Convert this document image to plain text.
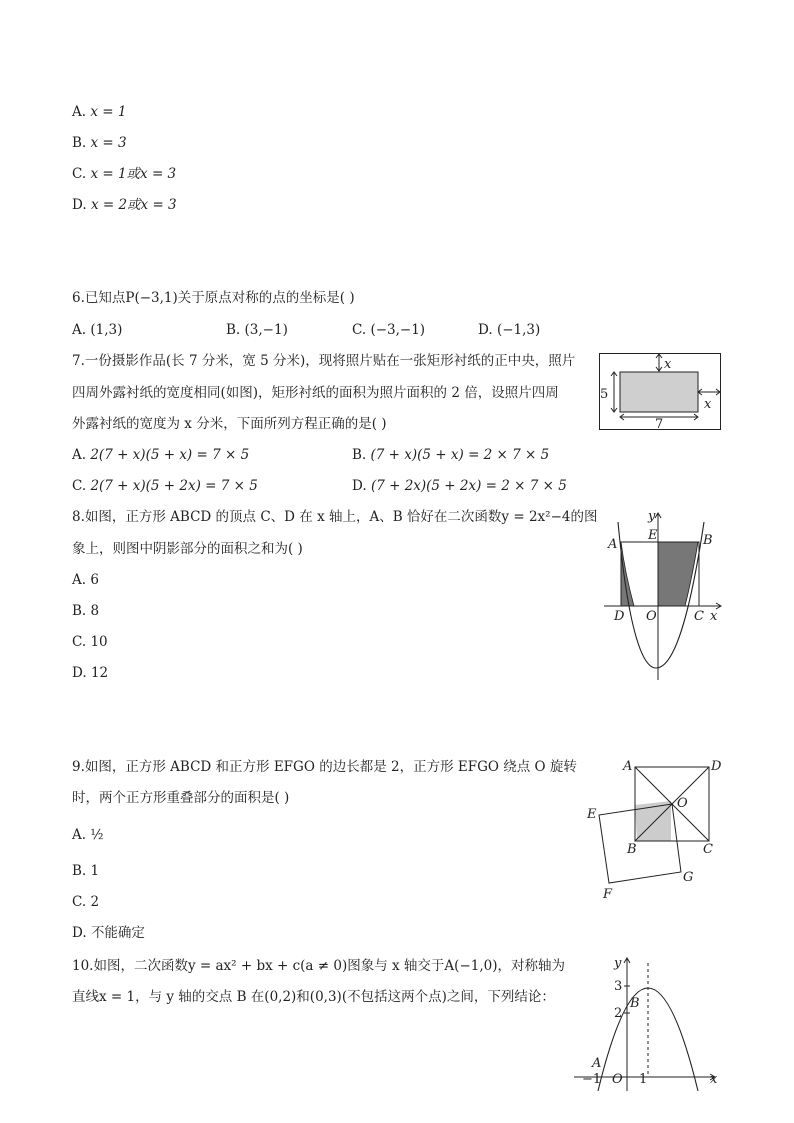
A. x = 1
B. x = 3
C. x = 1或x = 3
D. x = 2或x = 3
6.已知点P(−3,1)关于原点对称的点的坐标是( )
A. (1,3)	B. (3,−1)	C. (−3,−1)	D. (−1,3)
7.一份摄影作品(长 7 分米，宽 5 分米)，现将照片贴在一张矩形衬纸的正中央，照片
四周外露衬纸的宽度相同(如图)，矩形衬纸的面积为照片面积的 2 倍，设照片四周
外露衬纸的宽度为 x 分米，下面所列方程正确的是( )
A. 2(7 + x)(5 + x) = 7 × 5	B. (7 + x)(5 + x) = 2 × 7 × 5
C. 2(7 + x)(5 + 2x) = 7 × 5	D. (7 + 2x)(5 + 2x) = 2 × 7 × 5
x
x
5
7
8.如图，正方形 ABCD 的顶点 C、D 在 x 轴上，A、B 恰好在二次函数y = 2x²−4的图
象上，则图中阴影部分的面积之和为( )
A. 6
B. 8
C. 10
D. 12
y
x
A
E	B
D O	C
9.如图，正方形 ABCD 和正方形 EFGO 的边长都是 2，正方形 EFGO 绕点 O 旋转
时，两个正方形重叠部分的面积是( )
A. ½
B. 1
C. 2
D. 不能确定
A	D
E
O
B	C
F
G
10.如图，二次函数y = ax² + bx + c(a ≠ 0)图象与 x 轴交于A(−1,0)，对称轴为
直线x = 1，与 y 轴的交点 B 在(0,2)和(0,3)(不包括这两个点)之间，下列结论：
y
x
3
2
B
A
−1 O 1
